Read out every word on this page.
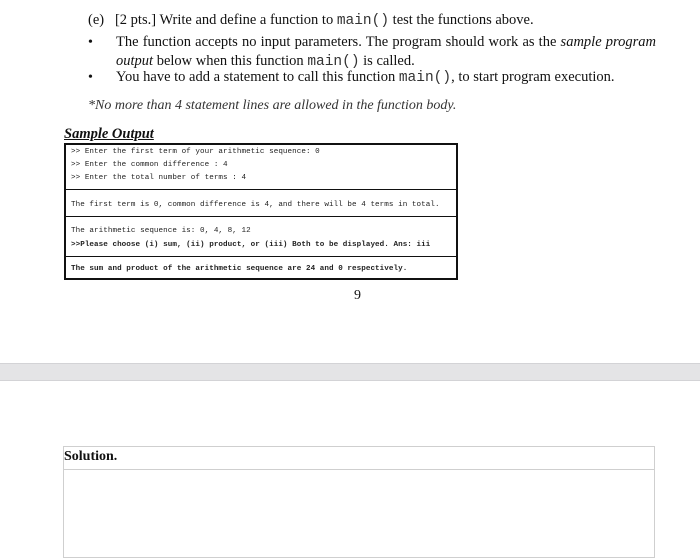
(e) [2 pts.] Write and define a function to main() test the functions above.
• The function accepts no input parameters. The program should work as the sample program output below when this function main() is called.
• You have to add a statement to call this function main(), to start program execution.
*No more than 4 statement lines are allowed in the function body.
Sample Output
>> Enter the first term of your arithmetic sequence: 0
>> Enter the common difference : 4
>> Enter the total number of terms : 4
The first term is 0, common difference is 4, and there will be 4 terms in total.
The arithmetic sequence is: 0, 4, 8, 12
>>Please choose (i) sum, (ii) product, or (iii) Both to be displayed. Ans: iii
The sum and product of the arithmetic sequence are 24 and 0 respectively.
9
Solution.
